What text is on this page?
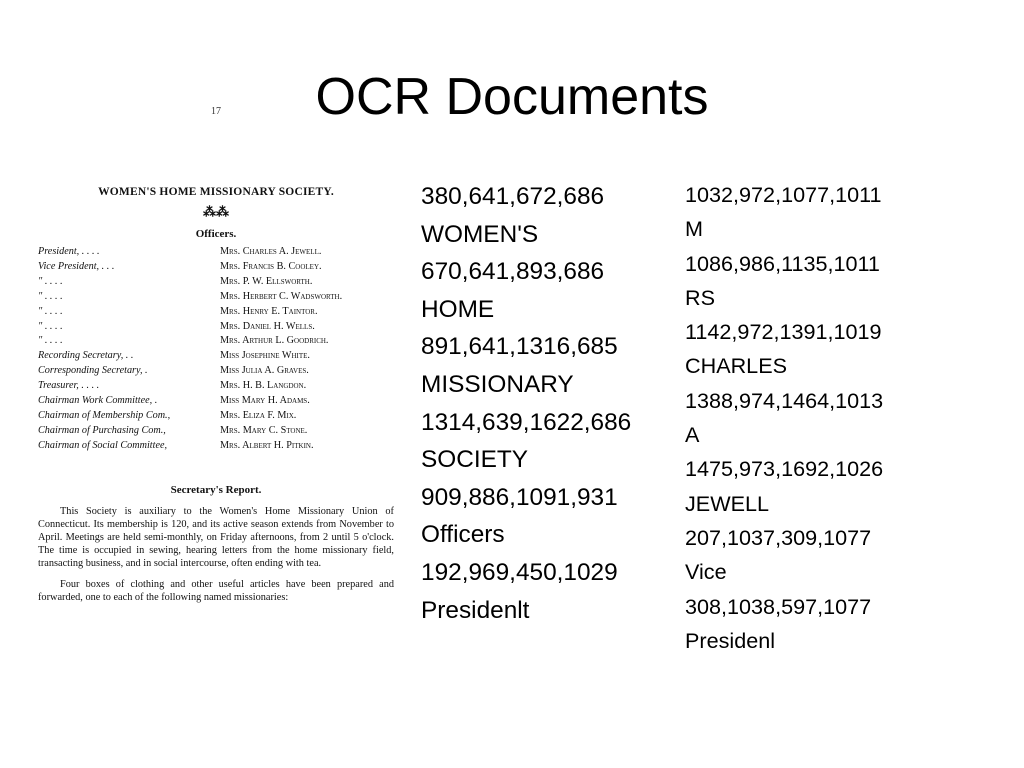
OCR Documents
17
WOMEN'S HOME MISSIONARY SOCIETY.
⁂⁂
Officers.
President, . . . .	Mrs. Charles A. Jewell.
Vice President, . . .	Mrs. Francis B. Cooley.
" . . . .	Mrs. P. W. Ellsworth.
" . . . .	Mrs. Herbert C. Wadsworth.
" . . . .	Mrs. Henry E. Taintor.
" . . . .	Mrs. Daniel H. Wells.
" . . . .	Mrs. Arthur L. Goodrich.
Recording Secretary, . .	Miss Josephine White.
Corresponding Secretary, .	Miss Julia A. Graves.
Treasurer, . . . .	Mrs. H. B. Langdon.
Chairman Work Committee, .	Miss Mary H. Adams.
Chairman of Membership Com.,	Mrs. Eliza F. Mix.
Chairman of Purchasing Com.,	Mrs. Mary C. Stone.
Chairman of Social Committee,	Mrs. Albert H. Pitkin.
Secretary's Report.

This Society is auxiliary to the Women's Home Missionary Union of Connecticut. Its membership is 120, and its active season extends from November to April. Meetings are held semi-monthly, on Friday afternoons, from 2 until 5 o'clock. The time is occupied in sewing, hearing letters from the home missionary field, transacting business, and in social intercourse, often ending with tea.

Four boxes of clothing and other useful articles have been prepared and forwarded, one to each of the following named missionaries:

380,641,672,686
WOMEN'S
670,641,893,686
HOME
891,641,1316,685
MISSIONARY
1314,639,1622,686
SOCIETY
909,886,1091,931
Officers
192,969,450,1029
Presidenlt
1032,972,1077,1011
M
1086,986,1135,1011
RS
1142,972,1391,1019
CHARLES
1388,974,1464,1013
A
1475,973,1692,1026
JEWELL
207,1037,309,1077
Vice
308,1038,597,1077
Presidenl
